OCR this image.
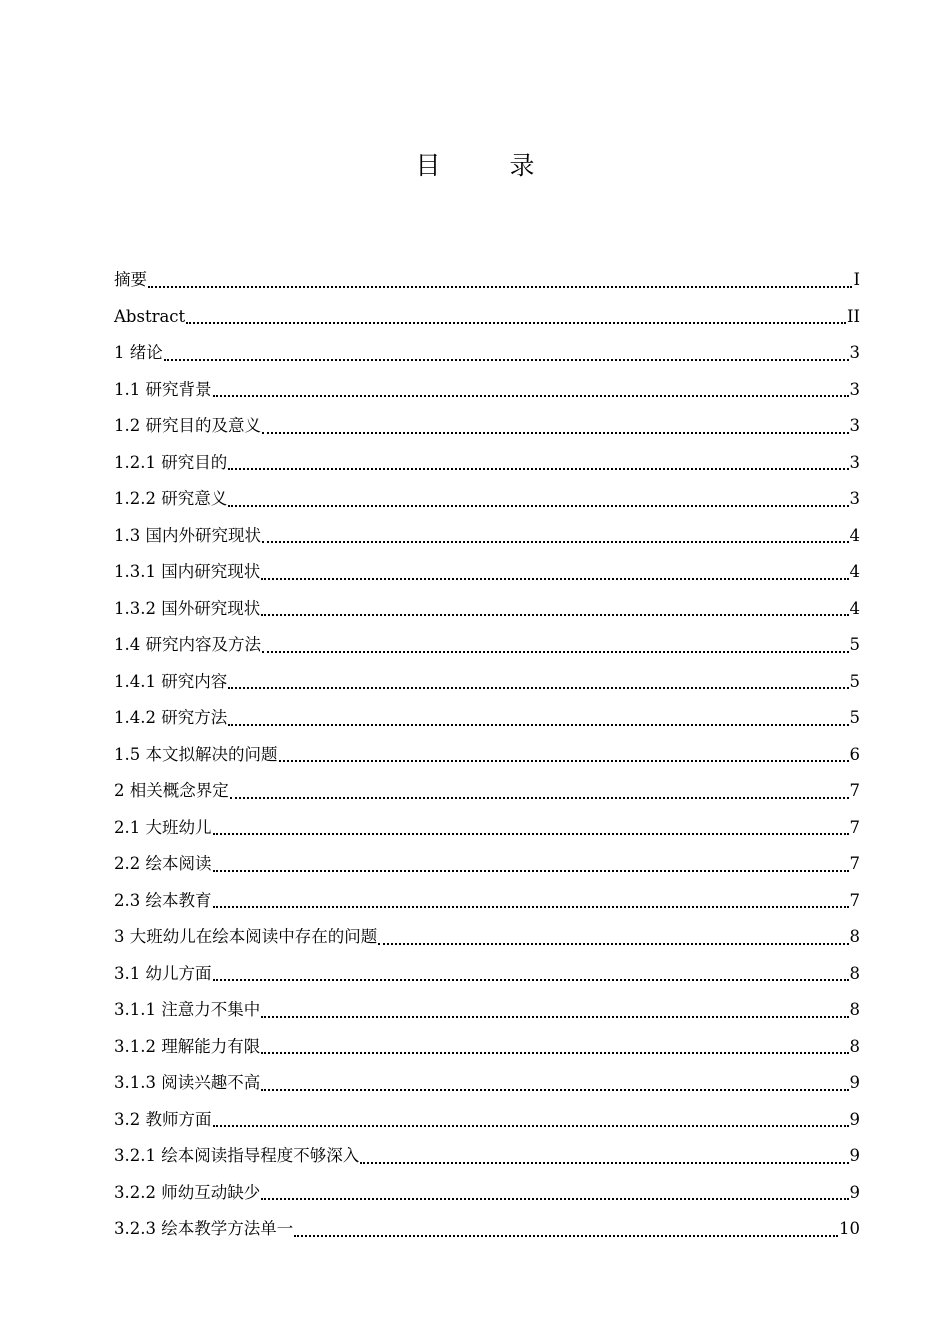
目　录
摘要	I
Abstract	II
1 绪论	3
1.1 研究背景	3
1.2 研究目的及意义	3
1.2.1 研究目的	3
1.2.2 研究意义	3
1.3 国内外研究现状	4
1.3.1 国内研究现状	4
1.3.2 国外研究现状	4
1.4 研究内容及方法	5
1.4.1 研究内容	5
1.4.2 研究方法	5
1.5 本文拟解决的问题	6
2 相关概念界定	7
2.1 大班幼儿	7
2.2 绘本阅读	7
2.3 绘本教育	7
3 大班幼儿在绘本阅读中存在的问题	8
3.1 幼儿方面	8
3.1.1 注意力不集中	8
3.1.2 理解能力有限	8
3.1.3 阅读兴趣不高	9
3.2 教师方面	9
3.2.1 绘本阅读指导程度不够深入	9
3.2.2 师幼互动缺少	9
3.2.3 绘本教学方法单一	10
